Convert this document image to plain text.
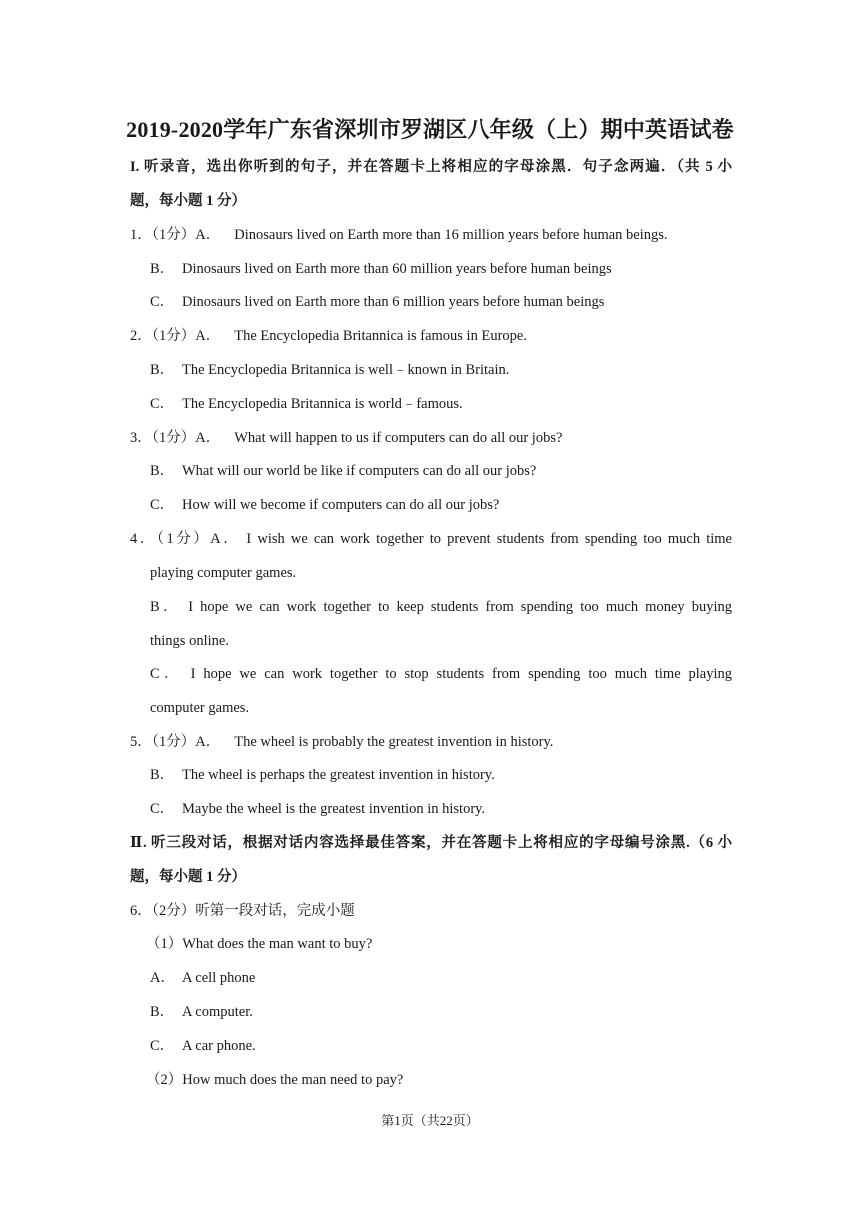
2019-2020学年广东省深圳市罗湖区八年级（上）期中英语试卷
I. 听录音，选出你听到的句子，并在答题卡上将相应的字母涂黑．句子念两遍．（共 5 小
题，每小题 1 分）
1．（1分）A． Dinosaurs lived on Earth more than 16 million years before human beings.
B． Dinosaurs lived on Earth more than 60 million years before human beings
C． Dinosaurs lived on Earth more than 6 million years before human beings
2．（1分）A． The Encyclopedia Britannica is famous in Europe.
B． The Encyclopedia Britannica is well﹣known in Britain.
C． The Encyclopedia Britannica is world﹣famous.
3．（1分）A． What will happen to us if computers can do all our jobs?
B． What will our world be like if computers can do all our jobs?
C． How will we become if computers can do all our jobs?
4．（1分）A． I wish we can work together to prevent students from spending too much time
playing computer games.
B． I hope we can work together to keep students from spending too much money buying
things online.
C． I hope we can work together to stop students from spending too much time playing
computer games.
5．（1分）A． The wheel is probably the greatest invention in history.
B． The wheel is perhaps the greatest invention in history.
C． Maybe the wheel is the greatest invention in history.
Ⅱ. 听三段对话，根据对话内容选择最佳答案，并在答题卡上将相应的字母编号涂黑.（6 小
题，每小题 1 分）
6．（2分）听第一段对话，完成小题
（1）What does the man want to buy?
A． A cell phone
B． A computer.
C． A car phone.
（2）How much does the man need to pay?
第1页（共22页）
